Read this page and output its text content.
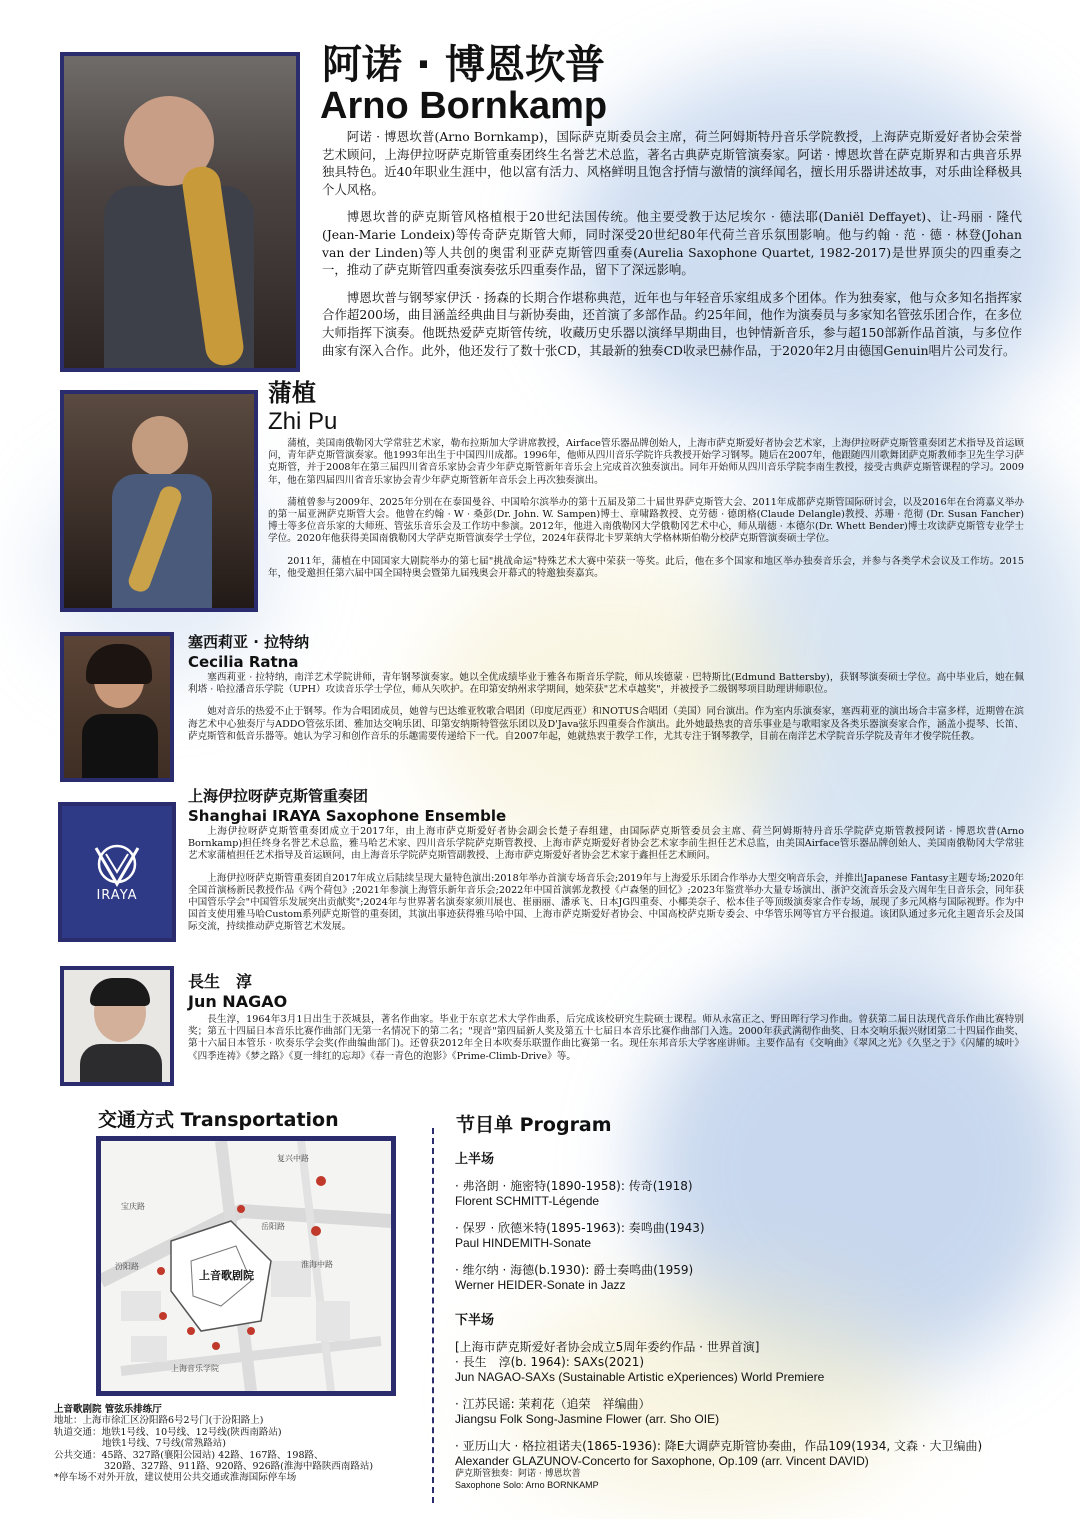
阿诺 · 博恩坎普
Arno Bornkamp

阿诺 · 博恩坎普(Arno Bornkamp)，国际萨克斯委员会主席，荷兰阿姆斯特丹音乐学院教授，上海萨克斯爱好者协会荣誉艺术顾问，上海伊拉呀萨克斯管重奏团终生名誉艺术总监，著名古典萨克斯管演奏家。阿诺 · 博恩坎普在萨克斯界和古典音乐界独具特色。近40年职业生涯中，他以富有活力、风格鲜明且饱含抒情与激情的演绎闻名，擅长用乐器讲述故事，对乐曲诠释极具个人风格。

博恩坎普的萨克斯管风格植根于20世纪法国传统。他主要受教于达尼埃尔 · 德法耶(Daniël Deffayet)、让-玛丽 · 隆代(Jean-Marie Londeix)等传奇萨克斯管大师，同时深受20世纪80年代荷兰音乐氛围影响。他与约翰 · 范 · 德 · 林登(Johan van der Linden)等人共创的奥雷利亚萨克斯管四重奏(Aurelia Saxophone Quartet, 1982-2017)是世界顶尖的四重奏之一，推动了萨克斯管四重奏演奏弦乐四重奏作品，留下了深远影响。

博恩坎普与钢琴家伊沃 · 扬森的长期合作堪称典范，近年也与年轻音乐家组成多个团体。作为独奏家，他与众多知名指挥家合作超200场，曲目涵盖经典曲目与新协奏曲，还首演了多部作品。约25年间，他作为演奏员与多家知名管弦乐团合作，在多位大师指挥下演奏。他既热爱萨克斯管传统，收藏历史乐器以演绎早期曲目，也钟情新音乐，参与超150部新作品首演，与多位作曲家有深入合作。此外，他还发行了数十张CD，其最新的独奏CD收录巴赫作品，于2020年2月由德国Genuin唱片公司发行。

蒲植
Zhi Pu

蒲植，美国南俄勒冈大学常驻艺术家，勒布拉斯加大学讲席教授，Airface管乐器品牌创始人，上海市萨克斯爱好者协会艺术家，上海伊拉呀萨克斯管重奏团艺术指导及首运顾问，青年萨克斯管演奏家。他1993年出生于中国四川成都。1996年，他师从四川音乐学院许兵教授开始学习钢琴。随后在2007年，他跟随四川歌舞团萨克斯教师李卫先生学习萨克斯管，并于2008年在第三届四川省音乐家协会青少年萨克斯管新年音乐会上完成首次独奏演出。同年开始师从四川音乐学院李南生教授，接受古典萨克斯管课程的学习。2009年，他在第四届四川省音乐家协会青少年萨克斯管新年音乐会上再次独奏演出。

蒲植曾参与2009年、2025年分别在在泰国曼谷、中国哈尔滨举办的第十五届及第二十届世界萨克斯管大会、2011年成都萨克斯管国际研讨会，以及2016年在台湾嘉义举办的第一届亚洲萨克斯管大会。他曾在约翰 · W · 桑彭(Dr. John. W. Sampen)博士、章啸路教授、克劳德 · 德朗格(Claude Delangle)教授、苏珊 · 范彻 (Dr. Susan Fancher) 博士等多位音乐家的大师班、管弦乐音乐会及工作坊中参演。2012年，他进入南俄勒冈大学俄勒冈艺术中心，师从瑞德 · 本德尔(Dr. Whett Bender)博士攻读萨克斯管专业学士学位。2020年他获得美国南俄勒冈大学萨克斯管演奏学士学位，2024年获得北卡罗莱纳大学格林斯伯勒分校萨克斯管演奏硕士学位。

2011年，蒲植在中国国家大剧院举办的第七届"挑战命运"特殊艺术大赛中荣获一等奖。此后，他在多个国家和地区举办独奏音乐会，并参与各类学术会议及工作坊。2015年，他受邀担任第六届中国全国特奥会暨第九届残奥会开幕式的特邀独奏嘉宾。

塞西莉亚 · 拉特纳
Cecilia Ratna

塞西莉亚 · 拉特纳，南洋艺术学院讲师，青年钢琴演奏家。她以全优成绩毕业于雅各布斯音乐学院，师从埃德蒙 · 巴特斯比(Edmund Battersby)，获钢琴演奏硕士学位。高中毕业后，她在佩利塔 · 哈拉潘音乐学院（UPH）攻读音乐学士学位，师从矢吹护。在印第安纳州求学期间，她荣获"艺术卓越奖"，并被授予二级钢琴项目助理讲师职位。

她对音乐的热爱不止于钢琴。作为合唱团成员，她曾与巴达维亚牧歌合唱团（印度尼西亚）和NOTUS合唱团（美国）同台演出。作为室内乐演奏家，塞西莉亚的演出场合丰富多样，近期曾在滨海艺术中心独奏厅与ADDO管弦乐团、雅加达交响乐团、印第安纳斯特管弦乐团以及D'Java弦乐四重奏合作演出。此外她最热衷的音乐事业是与歌唱家及各类乐器演奏家合作，涵盖小提琴、长笛、萨克斯管和低音乐器等。她认为学习和创作音乐的乐趣需要传递给下一代。自2007年起，她就热衷于教学工作，尤其专注于钢琴教学，目前在南洋艺术学院音乐学院及青年才俊学院任教。

IRAYA
上海伊拉呀萨克斯管重奏团
Shanghai IRAYA Saxophone Ensemble

上海伊拉呀萨克斯管重奏团成立于2017年，由上海市萨克斯爱好者协会副会长楚子春组建，由国际萨克斯管委员会主席、荷兰阿姆斯特丹音乐学院萨克斯管教授阿诺 · 博恩坎普(Arno Bornkamp)担任终身名誉艺术总监，雅马哈艺术家、四川音乐学院萨克斯管教授、上海市萨克斯爱好者协会艺术家李前生担任艺术总监，由美国Airface管乐器品牌创始人、美国南俄勒冈大学常驻艺术家蒲植担任艺术指导及首运顾问，由上海音乐学院萨克斯管副教授、上海市萨克斯爱好者协会艺术家于鑫担任艺术顾问。

上海伊拉呀萨克斯管重奏团自2017年成立后陆续呈现大量特色演出:2018年举办首演专场音乐会;2019年与上海爱乐乐团合作举办大型交响音乐会，并推出Japanese Fantasy主题专场;2020年全国首演杨新民教授作品《两个荷包》;2021年参演上海管乐新年音乐会;2022年中国首演郭龙教授《卢森堡的回忆》;2023年鉴赏举办大量专场演出、浙沪交流音乐会及六周年生日音乐会，同年获中国管乐学会"中国管乐发展突出贡献奖";2024年与世界著名演奏家须川展也、崔丽丽、潘承飞、日本JG四重奏、小椰美奈子、松本佳子等顶级演奏家合作专场，展现了多元风格与国际视野。作为中国首支使用雅马哈Custom系列萨克斯管的重奏团，其演出事迹获得雅马哈中国、上海市萨克斯爱好者协会、中国高校萨克斯专委会、中华管乐网等官方平台报道。该团队通过多元化主题音乐会及国际交流，持续推动萨克斯管艺术发展。

長生　淳
Jun NAGAO

長生淳，1964年3月1日出生于茨城县，著名作曲家。毕业于东京艺术大学作曲系，后完成该校研究生院硕士课程。师从永富正之、野田晖行学习作曲。曾获第二届日法现代音乐作曲比赛特别奖；第五十四届日本音乐比赛作曲部门无第一名情况下的第二名；"现音"第四届新人奖及第五十七届日本音乐比赛作曲部门入选。2000年获武满彻作曲奖、日本交响乐振兴财团第二十四届作曲奖、第十六届日本管乐 · 吹奏乐学会奖(作曲编曲部门)。还曾获2012年全日本吹奏乐联盟作曲比赛第一名。现任东邦音乐大学客座讲师。主要作品有《交响曲》《翠风之光》《久坚之于》《闪耀的城叶》《四季连祷》《梦之路》《夏一绯红的忘却》《春一青色的泡影》《Prime-Climb-Drive》等。

交通方式 Transportation
上音歌剧院
汾阳路
复兴中路
淮海中路
岳阳路
宝庆路
上海音乐学院
上音歌剧院 管弦乐排练厅
地址：上海市徐汇区汾阳路6号2号门(于汾阳路上)
轨道交通：地铁1号线、10号线、12号线(陕西南路站)
地铁1号线、7号线(常熟路站)
公共交通：45路、327路(襄阳公园站) 42路、167路、198路、
320路、327路、911路、920路、926路(淮海中路陕西南路站)
*停车场不对外开放，建议使用公共交通或淮海国际停车场
节目单 Program
上半场
· 弗洛朗 · 施密特(1890-1958): 传奇(1918)
Florent SCHMITT-Légende
· 保罗 · 欣德米特(1895-1963): 奏鸣曲(1943)
Paul HINDEMITH-Sonate
· 维尔纳 · 海德(b.1930): 爵士奏鸣曲(1959)
Werner HEIDER-Sonate in Jazz
下半场
[上海市萨克斯爱好者协会成立5周年委约作品 · 世界首演]
· 長生　淳(b. 1964): SAXs(2021)
Jun NAGAO-SAXs (Sustainable Artistic eXperiences) World Premiere
· 江苏民谣: 茉莉花（追荣　祥编曲）
Jiangsu Folk Song-Jasmine Flower (arr. Sho OIE)
· 亚历山大 · 格拉祖诺夫(1865-1936): 降E大调萨克斯管协奏曲，作品109(1934, 文森 · 大卫编曲)
Alexander GLAZUNOV-Concerto for Saxophone, Op.109 (arr. Vincent DAVID)
萨克斯管独奏：阿诺 · 博恩坎普
Saxophone Solo: Arno BORNKAMP
